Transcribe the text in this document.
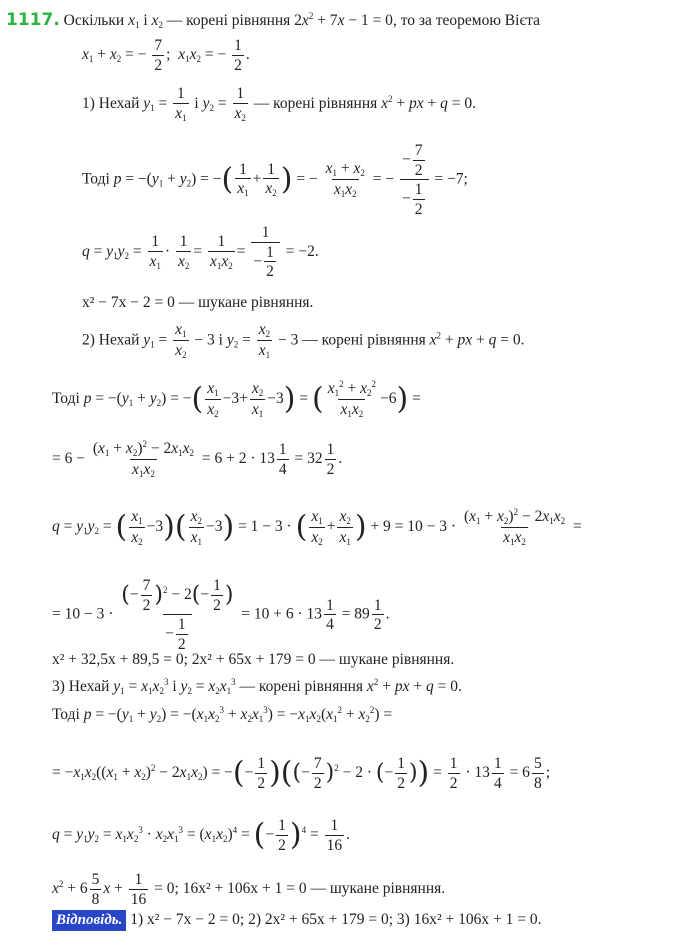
1117. Оскільки $x_1$ і $x_2$ — корені рівняння $2x^2 + 7x - 1 = 0$, то за теоремою Вієта
$x_1 + x_2$ = − $\frac{7}{2}$ ;  $x_1x_2$ = − $\frac{1}{2}$ .
1) Нехай $y_1 = \frac{1}{x_1}$ і $y_2 = \frac{1}{x_2}$ — корені рівняння $x^2$ + px + q = 0.
Тоді $p = -(y_1 + y_2)$ = −( $\frac{1}{x_1} + \frac{1}{x_2}$ ) = − $\frac{x_1 + x_2}{x_1x_2}$ = − $\frac{- \frac{7}{2}}{- \frac{1}{2}} = -7$;
$q = y_1y_2 = \frac{1}{x_1} \cdot \frac{1}{x_2} = \frac{1}{x_1x_2} = \frac{1}{- \frac{1}{2}} = -2$.
x² − 7x − 2 = 0 — шукане рівняння.
2) Нехай $y_1 = \frac{x_1}{x_2} - 3$ і $y_2 = \frac{x_2}{x_1} - 3$ — корені рівняння $x^2$ + px + q = 0.
Тоді $p = -(y_1 + y_2)$ = −( $\frac{x_1}{x_2} -3+ \frac{x_2}{x_1} -3$) = ( $\frac{x_1^2 + x_2^2}{x_1x_2} -6$) =
= $6 - \frac{(x_1 + x_2)^2 - 2x_1x_2}{x_1x_2} = 6 + 2 \cdot 13 \frac{1}{4} = 32 \frac{1}{2}$ .
$q = y_1y_2$ = ( $\frac{x_1}{x_2} -3)( \frac{x_2}{x_1} -3) = 1 - 3$ · ( $\frac{x_1}{x_2} + \frac{x_2}{x_1}$ ) + $9 = 10 - 3 \cdot \frac{(x_1 + x_2)^2 - 2x_1x_2}{x_1x_2}$ =
= $10 - 3 \cdot \frac{(- \frac{7}{2} )^2 - 2(- \frac{1}{2} )}{- \frac{1}{2}} = 10 + 6 \cdot 13 \frac{1}{4} = 89 \frac{1}{2}$ .
x² + 32,5x + 89,5 = 0; 2x² + 65x + 179 = 0 — шукане рівняння.
3) Нехай $y_1 = x_1x_2^3$ і $y_2 = x_2x_1^3$ — корені рівняння $x^2$ + px + q = 0.
Тоді $p = -(y_1 + y_2) = -(x_1x_2^3 + x_2x_1^3) = -x_1x_2(x_1^2 + x_2^2)$ =
= $-x_1x_2((x_1 + x_2)^2 - 2x_1x_2)$ = −(− $\frac{1}{2}$ )((− $\frac{7}{2} )^2 - 2$ · (− $\frac{1}{2}$ )) = $\frac{1}{2} \cdot 13 \frac{1}{4} = 6 \frac{5}{8}$ ;
$q = y_1y_2 = x_1x_2^3 \cdot x_2x_1^3 = (x_1x_2)^4$ = (− $\frac{1}{2} )^4 = \frac{1}{16}$ .
$x^2 + 6 \frac{5}{8}$ $x + \frac{1}{16} = 0$; 16x² + 106x + 1 = 0 — шукане рівняння.
Відповідь. 1) x² − 7x − 2 = 0; 2) 2x² + 65x + 179 = 0; 3) 16x² + 106x + 1 = 0.
